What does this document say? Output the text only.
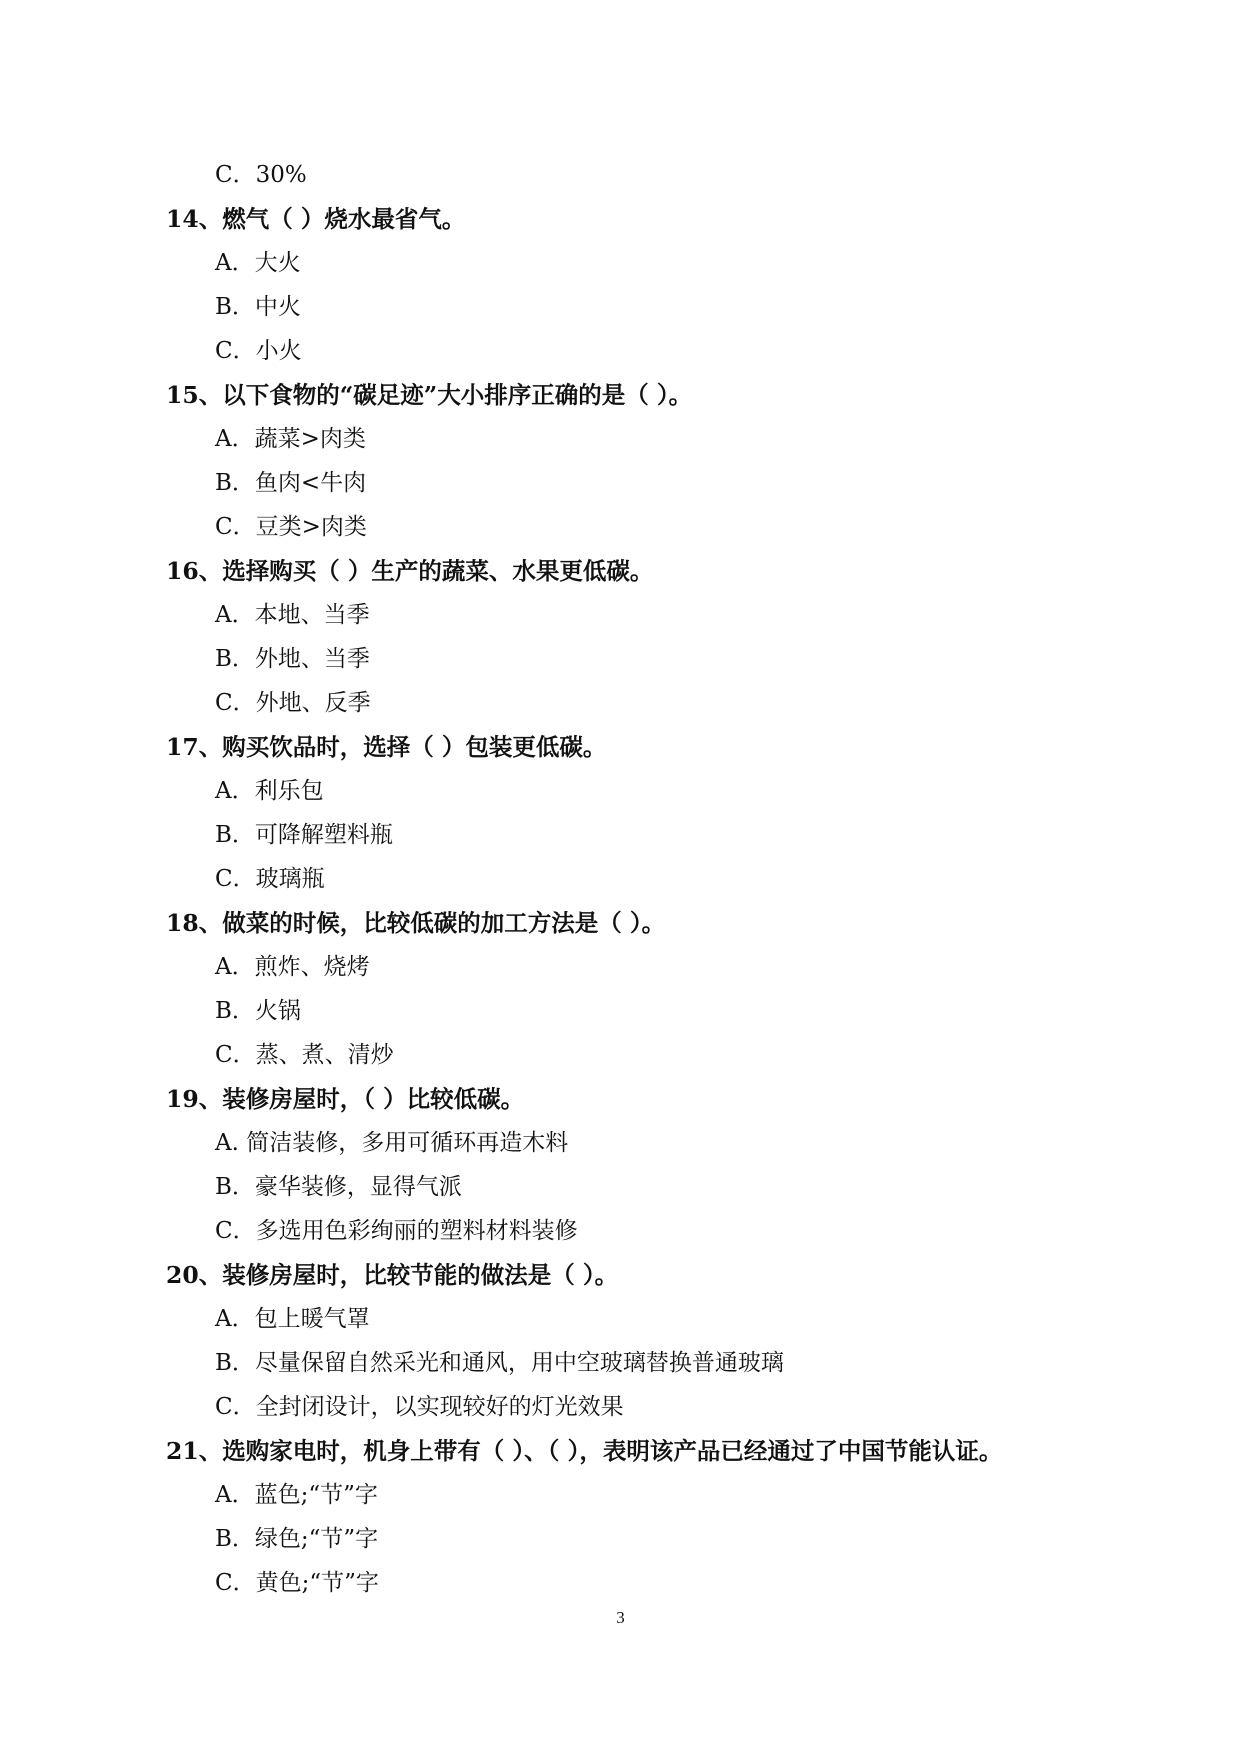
C．30%
14、燃气（ ）烧水最省气。
A．大火
B．中火
C．小火
15、以下食物的“碳足迹”大小排序正确的是（ ）。
A．蔬菜>肉类
B．鱼肉<牛肉
C．豆类>肉类
16、选择购买（ ）生产的蔬菜、水果更低碳。
A．本地、当季
B．外地、当季
C．外地、反季
17、购买饮品时，选择（ ）包装更低碳。
A．利乐包
B．可降解塑料瓶
C．玻璃瓶
18、做菜的时候，比较低碳的加工方法是（ ）。
A．煎炸、烧烤
B．火锅
C．蒸、煮、清炒
19、装修房屋时，（ ）比较低碳。
A. 简洁装修，多用可循环再造木料
B．豪华装修，显得气派
C．多选用色彩绚丽的塑料材料装修
20、装修房屋时，比较节能的做法是（ ）。
A．包上暖气罩
B．尽量保留自然采光和通风，用中空玻璃替换普通玻璃
C．全封闭设计，以实现较好的灯光效果
21、选购家电时，机身上带有（ ）、（ ），表明该产品已经通过了中国节能认证。
A．蓝色;“节”字
B．绿色;“节”字
C．黄色;“节”字
3
